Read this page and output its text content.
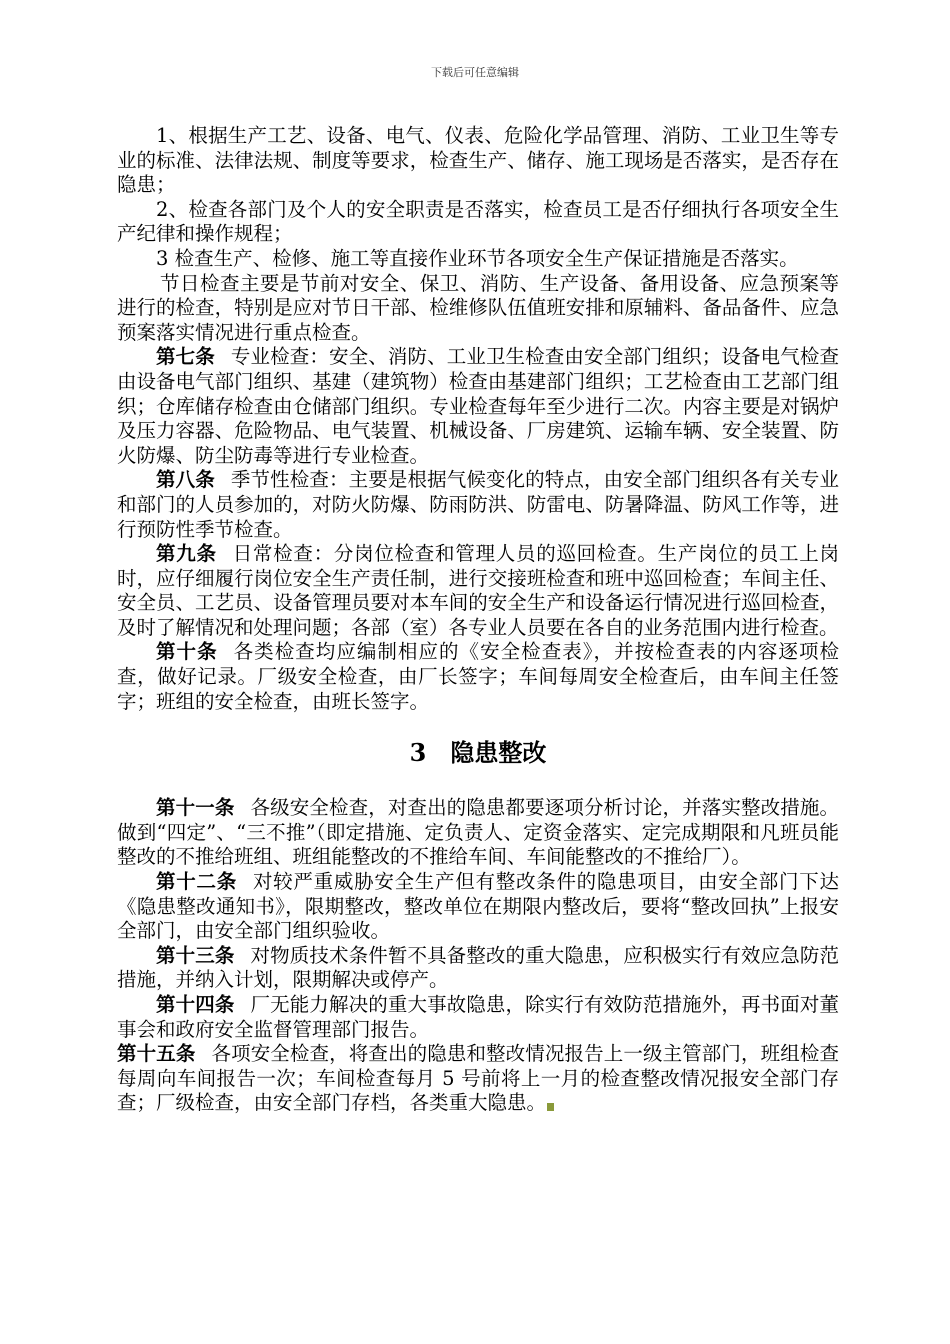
下载后可任意编辑

1、根据生产工艺、设备、电气、仪表、危险化学品管理、消防、工业卫生等专业的标准、法律法规、制度等要求，检查生产、储存、施工现场是否落实，是否存在隐患；

2、检查各部门及个人的安全职责是否落实，检查员工是否仔细执行各项安全生产纪律和操作规程；

3 检查生产、检修、施工等直接作业环节各项安全生产保证措施是否落实。

节日检查主要是节前对安全、保卫、消防、生产设备、备用设备、应急预案等进行的检查，特别是应对节日干部、检维修队伍值班安排和原辅料、备品备件、应急预案落实情况进行重点检查。

第七条 专业检查：安全、消防、工业卫生检查由安全部门组织；设备电气检查由设备电气部门组织、基建（建筑物）检查由基建部门组织；工艺检查由工艺部门组织；仓库储存检查由仓储部门组织。专业检查每年至少进行二次。内容主要是对锅炉及压力容器、危险物品、电气装置、机械设备、厂房建筑、运输车辆、安全装置、防火防爆、防尘防毒等进行专业检查。

第八条 季节性检查：主要是根据气候变化的特点，由安全部门组织各有关专业和部门的人员参加的，对防火防爆、防雨防洪、防雷电、防暑降温、防风工作等，进行预防性季节检查。

第九条 日常检查：分岗位检查和管理人员的巡回检查。生产岗位的员工上岗时，应仔细履行岗位安全生产责任制，进行交接班检查和班中巡回检查；车间主任、安全员、工艺员、设备管理员要对本车间的安全生产和设备运行情况进行巡回检查，及时了解情况和处理问题；各部（室）各专业人员要在各自的业务范围内进行检查。

第十条 各类检查均应编制相应的《安全检查表》，并按检查表的内容逐项检查，做好记录。厂级安全检查，由厂长签字；车间每周安全检查后，由车间主任签字；班组的安全检查，由班长签字。

3 隐患整改

第十一条 各级安全检查，对查出的隐患都要逐项分析讨论，并落实整改措施。做到“四定”、“三不推”（即定措施、定负责人、定资金落实、定完成期限和凡班员能整改的不推给班组、班组能整改的不推给车间、车间能整改的不推给厂）。

第十二条 对较严重威胁安全生产但有整改条件的隐患项目，由安全部门下达《隐患整改通知书》，限期整改，整改单位在期限内整改后，要将“整改回执”上报安全部门，由安全部门组织验收。

第十三条 对物质技术条件暂不具备整改的重大隐患，应积极实行有效应急防范措施，并纳入计划，限期解决或停产。

第十四条 厂无能力解决的重大事故隐患，除实行有效防范措施外，再书面对董事会和政府安全监督管理部门报告。

第十五条 各项安全检查，将查出的隐患和整改情况报告上一级主管部门，班组检查每周向车间报告一次；车间检查每月 5 号前将上一月的检查整改情况报安全部门存查；厂级检查，由安全部门存档，各类重大隐患。
